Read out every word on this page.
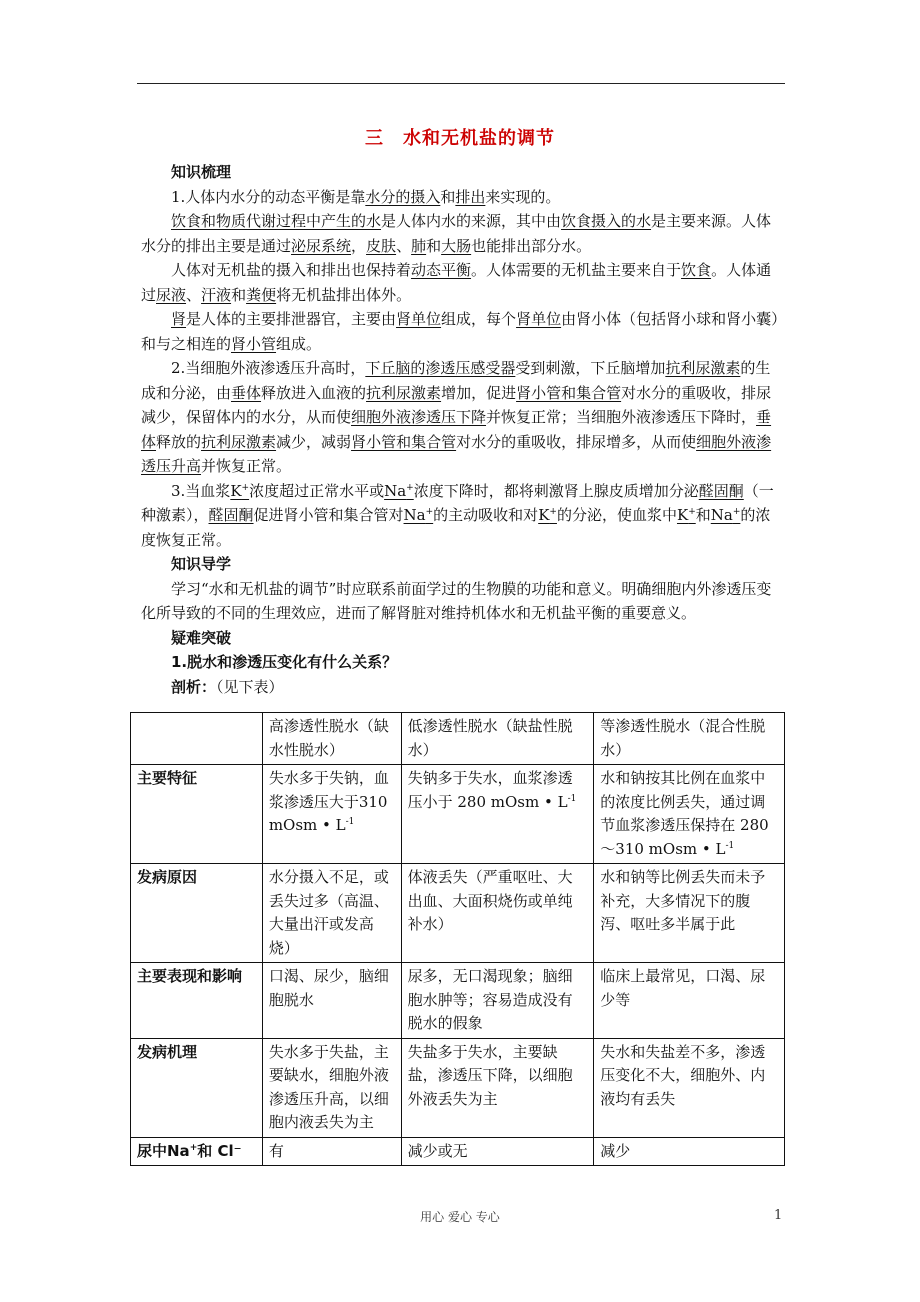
三　水和无机盐的调节

知识梳理

1.人体内水分的动态平衡是靠水分的摄入和排出来实现的。

饮食和物质代谢过程中产生的水是人体内水的来源，其中由饮食摄入的水是主要来源。人体水分的排出主要是通过泌尿系统，皮肤、肺和大肠也能排出部分水。

人体对无机盐的摄入和排出也保持着动态平衡。人体需要的无机盐主要来自于饮食。人体通过尿液、汗液和粪便将无机盐排出体外。

肾是人体的主要排泄器官，主要由肾单位组成，每个肾单位由肾小体（包括肾小球和肾小囊）和与之相连的肾小管组成。

2.当细胞外液渗透压升高时，下丘脑的渗透压感受器受到刺激，下丘脑增加抗利尿激素的生成和分泌，由垂体释放进入血液的抗利尿激素增加，促进肾小管和集合管对水分的重吸收，排尿减少，保留体内的水分，从而使细胞外液渗透压下降并恢复正常；当细胞外液渗透压下降时，垂体释放的抗利尿激素减少，减弱肾小管和集合管对水分的重吸收，排尿增多，从而使细胞外液渗透压升高并恢复正常。

3.当血浆K+浓度超过正常水平或Na+浓度下降时，都将刺激肾上腺皮质增加分泌醛固酮（一种激素），醛固酮促进肾小管和集合管对Na+的主动吸收和对K+的分泌，使血浆中K+和Na+的浓度恢复正常。

知识导学

学习“水和无机盐的调节”时应联系前面学过的生物膜的功能和意义。明确细胞内外渗透压变化所导致的不同的生理效应，进而了解肾脏对维持机体水和无机盐平衡的重要意义。

疑难突破

1.脱水和渗透压变化有什么关系？

剖析：（见下表）

	高渗透性脱水（缺水性脱水）	低渗透性脱水（缺盐性脱水）	等渗透性脱水（混合性脱水）
主要特征	失水多于失钠，血浆渗透压大于310 mOsm • $L^{-1}$	失钠多于失水，血浆渗透压小于 280 mOsm • $L^{-1}$	水和钠按其比例在血浆中的浓度比例丢失，通过调节血浆渗透压保持在 280～310 mOsm • $L^{-1}$
发病原因	水分摄入不足，或丢失过多（高温、大量出汗或发高烧）	体液丢失（严重呕吐、大出血、大面积烧伤或单纯补水）	水和钠等比例丢失而未予补充，大多情况下的腹泻、呕吐多半属于此
主要表现和影响	口渴、尿少，脑细胞脱水	尿多，无口渴现象；脑细胞水肿等；容易造成没有脱水的假象	临床上最常见，口渴、尿少等
发病机理	失水多于失盐，主要缺水，细胞外液渗透压升高，以细胞内液丢失为主	失盐多于失水，主要缺盐，渗透压下降，以细胞外液丢失为主	失水和失盐差不多，渗透压变化不大，细胞外、内液均有丢失
尿中Na+和 Cl⁻	有	减少或无	减少
用心 爱心 专心	1
